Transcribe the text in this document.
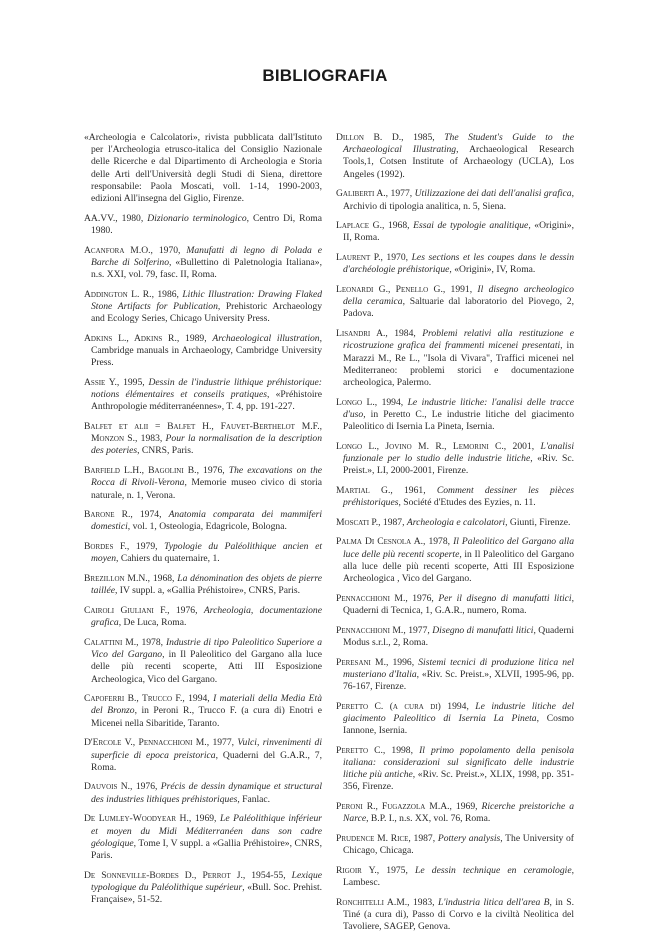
BIBLIOGRAFIA

«Archeologia e Calcolatori», rivista pubblicata dall'Istituto per l'Archeologia etrusco-italica del Consiglio Nazionale delle Ricerche e dal Dipartimento di Archeologia e Storia delle Arti dell'Università degli Studi di Siena, direttore responsabile: Paola Moscati, voll. 1-14, 1990-2003, edizioni All'insegna del Giglio, Firenze.

AA.VV., 1980, Dizionario terminologico, Centro Di, Roma 1980.

Acanfora M.O., 1970, Manufatti di legno di Polada e Barche di Solferino, «Bullettino di Paletnologia Italiana», n.s. XXI, vol. 79, fasc. II, Roma.

Addington L. R., 1986, Lithic Illustration: Drawing Flaked Stone Artifacts for Publication, Prehistoric Archaeology and Ecology Series, Chicago University Press.

Adkins L., Adkins R., 1989, Archaeological illustration, Cambridge manuals in Archaeology, Cambridge University Press.

Assie Y., 1995, Dessin de l'industrie lithique préhistorique: notions élémentaires et conseils pratiques, «Préhistoire Anthropologie méditerranéennes», T. 4, pp. 191-227.

Balfet et alii = Balfet H., Fauvet-Berthelot M.F., Monzon S., 1983, Pour la normalisation de la description des poteries, CNRS, Paris.

Barfield L.H., Bagolini B., 1976, The excavations on the Rocca di Rivoli-Verona, Memorie museo civico di storia naturale, n. 1, Verona.

Barone R., 1974, Anatomia comparata dei mammiferi domestici, vol. 1, Osteologia, Edagricole, Bologna.

Bordes F., 1979, Typologie du Paléolithique ancien et moyen, Cahiers du quaternaire, 1.

Brezillon M.N., 1968, La dénomination des objets de pierre taillée, IV suppl. a, «Gallia Préhistoire», CNRS, Paris.

Cairoli Giuliani F., 1976, Archeologia, documentazione grafica, De Luca, Roma.

Calattini M., 1978, Industrie di tipo Paleolitico Superiore a Vico del Gargano, in Il Paleolitico del Gargano alla luce delle più recenti scoperte, Atti III Esposizione Archeologica, Vico del Gargano.

Capoferri B., Trucco F., 1994, I materiali della Media Età del Bronzo, in Peroni R., Trucco F. (a cura di) Enotri e Micenei nella Sibaritide, Taranto.

D'Ercole V., Pennacchioni M., 1977, Vulci, rinvenimenti di superficie di epoca preistorica, Quaderni del G.A.R., 7, Roma.

Dauvois N., 1976, Précis de dessin dynamique et structural des industries lithiques préhistoriques, Fanlac.

De Lumley-Woodyear H., 1969, Le Paléolithique inférieur et moyen du Midi Méditerranéen dans son cadre géologique, Tome I, V suppl. a «Gallia Préhistoire», CNRS, Paris.

De Sonneville-Bordes D., Perrot J., 1954-55, Lexique typologique du Paléolithique supérieur, «Bull. Soc. Prehist. Française», 51-52.

Dillon B. D., 1985, The Student's Guide to the Archaeological Illustrating, Archaeological Research Tools,1, Cotsen Institute of Archaeology (UCLA), Los Angeles (1992).

Galiberti A., 1977, Utilizzazione dei dati dell'analisi grafica, Archivio di tipologia analitica, n. 5, Siena.

Laplace G., 1968, Essai de typologie analitique, «Origini», II, Roma.

Laurent P., 1970, Les sections et les coupes dans le dessin d'archéologie préhistorique, «Origini», IV, Roma.

Leonardi G., Penello G., 1991, Il disegno archeologico della ceramica, Saltuarie dal laboratorio del Piovego, 2, Padova.

Lisandri A., 1984, Problemi relativi alla restituzione e ricostruzione grafica dei frammenti micenei presentati, in Marazzi M., Re L., "Isola di Vivara", Traffici micenei nel Mediterraneo: problemi storici e documentazione archeologica, Palermo.

Longo L., 1994, Le industrie litiche: l'analisi delle tracce d'uso, in Peretto C., Le industrie litiche del giacimento Paleolitico di Isernia La Pineta, Isernia.

Longo L., Jovino M. R., Lemorini C., 2001, L'analisi funzionale per lo studio delle industrie litiche, «Riv. Sc. Preist.», LI, 2000-2001, Firenze.

Martial G., 1961, Comment dessiner les pièces préhistoriques, Société d'Etudes des Eyzies, n. 11.

Moscati P., 1987, Archeologia e calcolatori, Giunti, Firenze.

Palma Di Cesnola A., 1978, Il Paleolitico del Gargano alla luce delle più recenti scoperte, in Il Paleolitico del Gargano alla luce delle più recenti scoperte, Atti III Esposizione Archeologica , Vico del Gargano.

Pennacchioni M., 1976, Per il disegno di manufatti litici, Quaderni di Tecnica, 1, G.A.R., numero, Roma.

Pennacchioni M., 1977, Disegno di manufatti litici, Quaderni Modus s.r.l., 2, Roma.

Peresani M., 1996, Sistemi tecnici di produzione litica nel musteriano d'Italia, «Riv. Sc. Preist.», XLVII, 1995-96, pp. 76-167, Firenze.

Peretto C. (a cura di) 1994, Le industrie litiche del giacimento Paleolitico di Isernia La Pineta, Cosmo Iannone, Isernia.

Peretto C., 1998, Il primo popolamento della penisola italiana: considerazioni sul significato delle industrie litiche più antiche, «Riv. Sc. Preist.», XLIX, 1998, pp. 351-356, Firenze.

Peroni R., Fugazzola M.A., 1969, Ricerche preistoriche a Narce, B.P. I., n.s. XX, vol. 76, Roma.

Prudence M. Rice, 1987, Pottery analysis, The University of Chicago, Chicaga.

Rigoir Y., 1975, Le dessin technique en ceramologie, Lambesc.

Ronchitelli A.M., 1983, L'industria litica dell'area B, in S. Tiné (a cura di), Passo di Corvo e la civiltà Neolitica del Tavoliere, SAGEP, Genova.
